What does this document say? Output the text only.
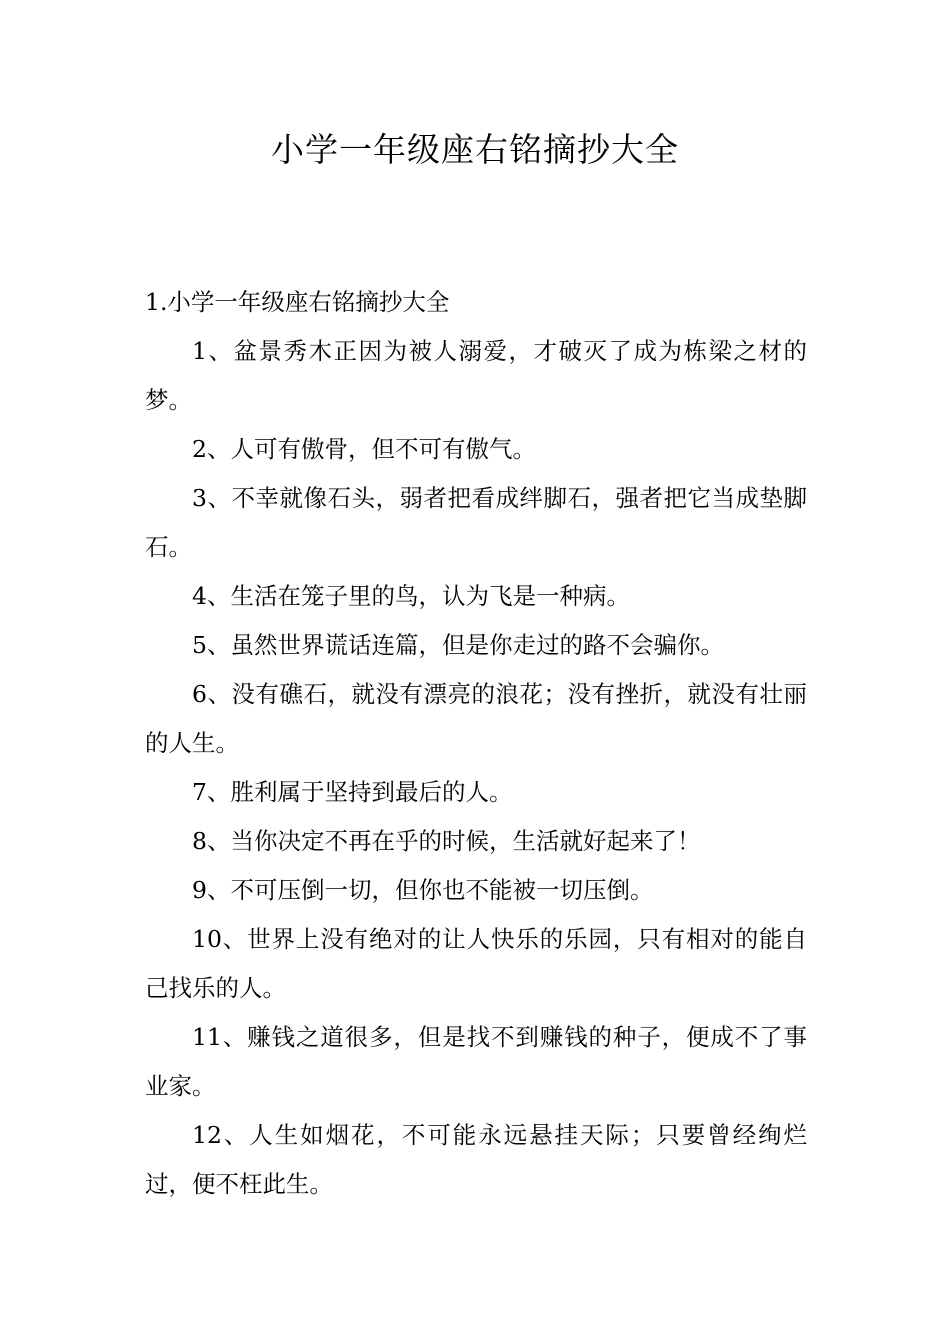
小学一年级座右铭摘抄大全

1.小学一年级座右铭摘抄大全

1、盆景秀木正因为被人溺爱，才破灭了成为栋梁之材的梦。

2、人可有傲骨，但不可有傲气。

3、不幸就像石头，弱者把看成绊脚石，强者把它当成垫脚石。

4、生活在笼子里的鸟，认为飞是一种病。

5、虽然世界谎话连篇，但是你走过的路不会骗你。

6、没有礁石，就没有漂亮的浪花；没有挫折，就没有壮丽的人生。

7、胜利属于坚持到最后的人。

8、当你决定不再在乎的时候，生活就好起来了！

9、不可压倒一切，但你也不能被一切压倒。

10、世界上没有绝对的让人快乐的乐园，只有相对的能自己找乐的人。

11、赚钱之道很多，但是找不到赚钱的种子，便成不了事业家。

12、人生如烟花，不可能永远悬挂天际；只要曾经绚烂过，便不枉此生。
